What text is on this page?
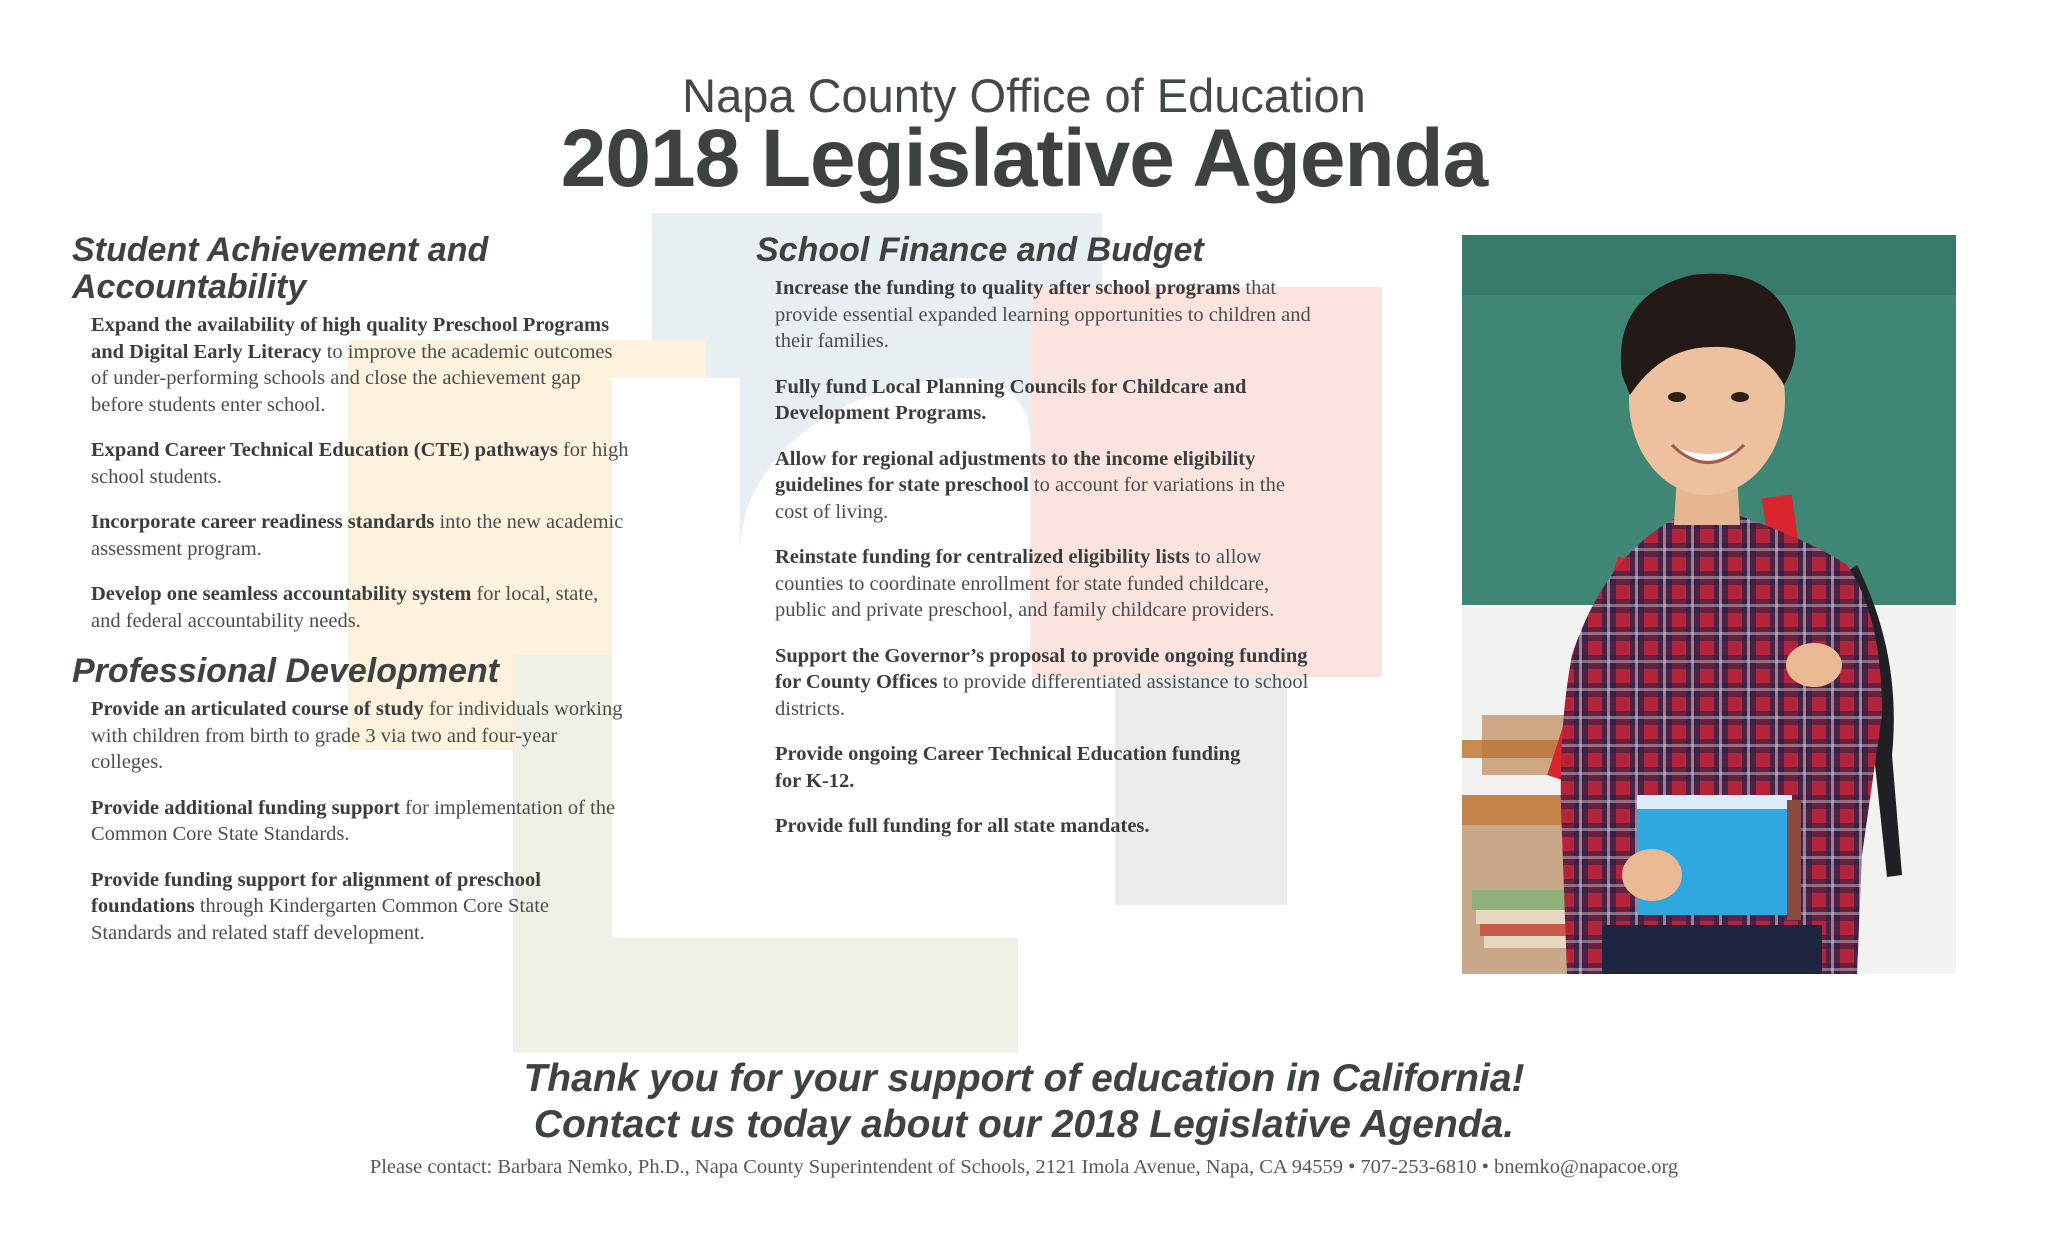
Napa County Office of Education
2018 Legislative Agenda
Student Achievement and Accountability
Expand the availability of high quality Preschool Programs and Digital Early Literacy to improve the academic outcomes of under-performing schools and close the achievement gap before students enter school.
Expand Career Technical Education (CTE) pathways for high school students.
Incorporate career readiness standards into the new academic assessment program.
Develop one seamless accountability system for local, state, and federal accountability needs.
Professional Development
Provide an articulated course of study for individuals working with children from birth to grade 3 via two and four-year colleges.
Provide additional funding support for implementation of the Common Core State Standards.
Provide funding support for alignment of preschool foundations through Kindergarten Common Core State Standards and related staff development.
School Finance and Budget
Increase the funding to quality after school programs that provide essential expanded learning opportunities to children and their families.
Fully fund Local Planning Councils for Childcare and Development Programs.
Allow for regional adjustments to the income eligibility guidelines for state preschool to account for variations in the cost of living.
Reinstate funding for centralized eligibility lists to allow counties to coordinate enrollment for state funded childcare, public and private preschool, and family childcare providers.
Support the Governor’s proposal to provide ongoing funding for County Offices to provide differentiated assistance to school districts.
Provide ongoing Career Technical Education funding for K-12.
Provide full funding for all state mandates.
Thank you for your support of education in California!
Contact us today about our 2018 Legislative Agenda.
Please contact: Barbara Nemko, Ph.D., Napa County Superintendent of Schools, 2121 Imola Avenue, Napa, CA 94559 • 707-253-6810 • bnemko@napacoe.org
